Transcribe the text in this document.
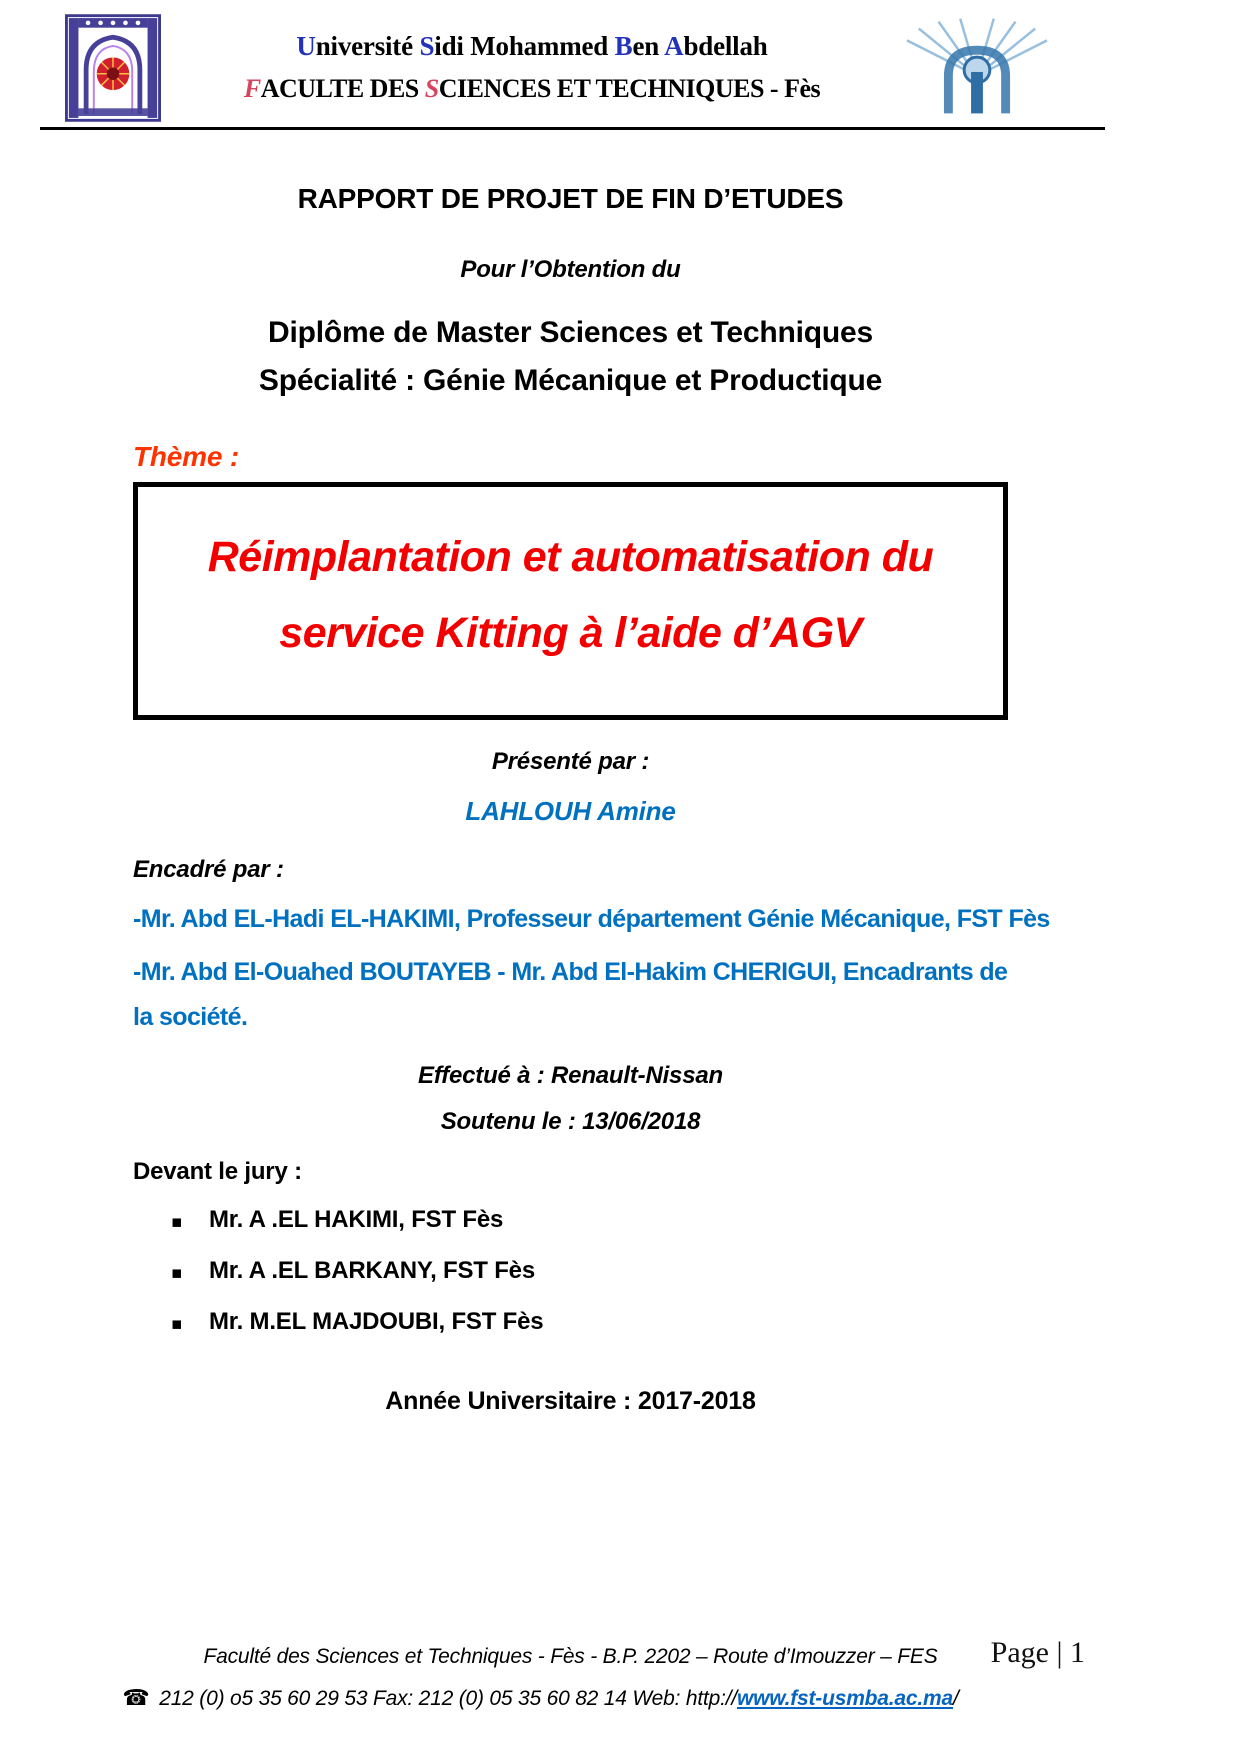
Université Sidi Mohammed Ben Abdellah
FACULTE DES SCIENCES ET TECHNIQUES - Fès
RAPPORT DE PROJET DE FIN D’ETUDES
Pour l’Obtention du
Diplôme de Master Sciences et Techniques
Spécialité : Génie Mécanique et Productique
Thème :
Réimplantation et automatisation du
service Kitting à l’aide d’AGV
Présenté par :
LAHLOUH Amine
Encadré par :
-Mr. Abd EL-Hadi EL-HAKIMI, Professeur département Génie Mécanique, FST Fès
-Mr. Abd El-Ouahed BOUTAYEB - Mr. Abd El-Hakim CHERIGUI, Encadrants de la société.
Effectué à : Renault-Nissan
Soutenu le : 13/06/2018
Devant le jury :
▪	Mr. A .EL HAKIMI, FST Fès
▪	Mr. A .EL BARKANY, FST Fès
▪	Mr. M.EL MAJDOUBI, FST Fès
Année Universitaire : 2017-2018
Faculté des Sciences et Techniques - Fès - B.P. 2202 – Route d’Imouzzer – FES
☎ 212 (0) o5 35 60 29 53 Fax: 212 (0) 05 35 60 82 14 Web: http://www.fst-usmba.ac.ma/
Page | 1
